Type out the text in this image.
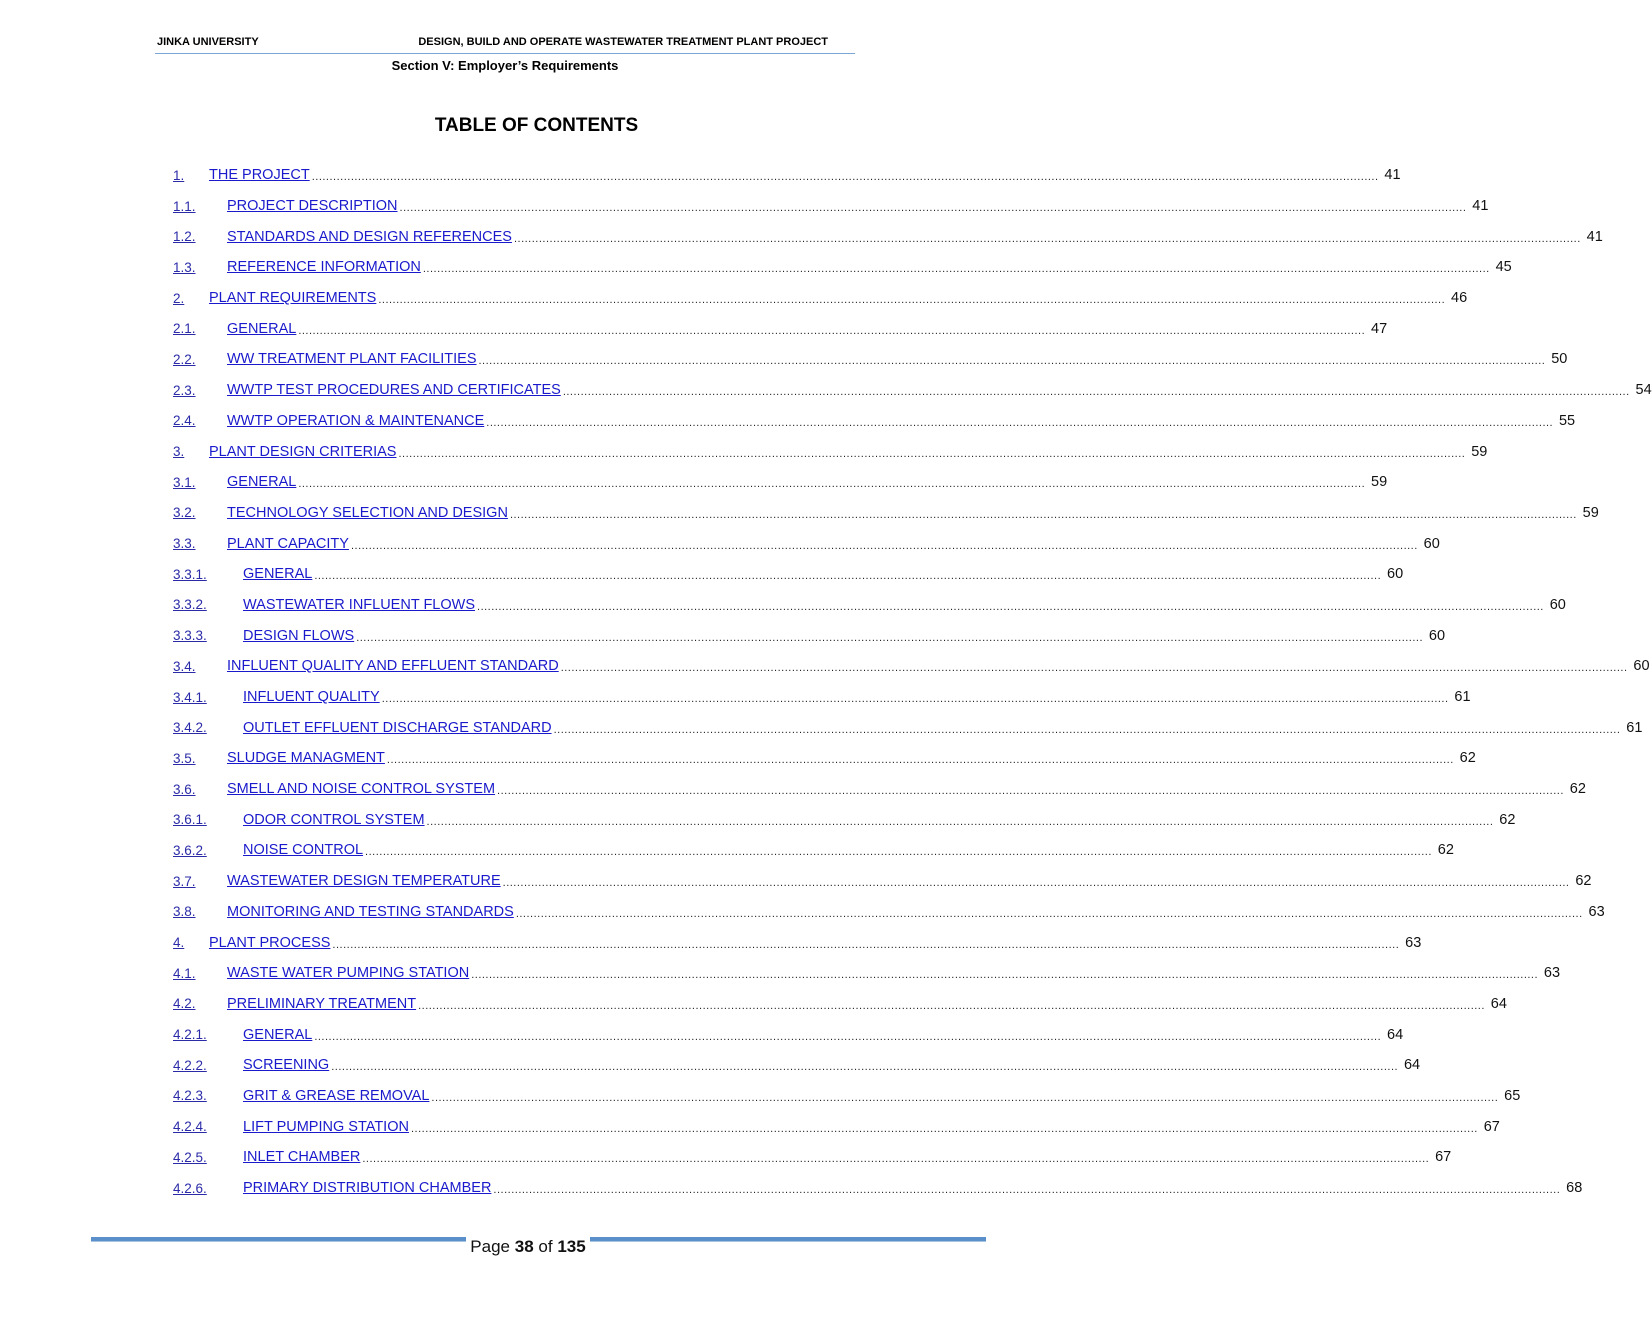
JINKA UNIVERSITY	DESIGN, BUILD AND OPERATE WASTEWATER TREATMENT PLANT PROJECT
Section V: Employer’s Requirements
TABLE OF CONTENTS
1.	THE PROJECT ............................................................................................................................................................................................................................................................................................................ 41
1.1.	PROJECT DESCRIPTION ............................................................................................................................................................................................................................................................................................................ 41
1.2.	STANDARDS AND DESIGN REFERENCES ............................................................................................................................................................................................................................................................................................................ 41
1.3.	REFERENCE INFORMATION ............................................................................................................................................................................................................................................................................................................ 45
2.	PLANT REQUIREMENTS ............................................................................................................................................................................................................................................................................................................ 46
2.1.	GENERAL ............................................................................................................................................................................................................................................................................................................ 47
2.2.	WW TREATMENT PLANT FACILITIES ............................................................................................................................................................................................................................................................................................................ 50
2.3.	WWTP TEST PROCEDURES AND CERTIFICATES ............................................................................................................................................................................................................................................................................................................ 54
2.4.	WWTP OPERATION & MAINTENANCE ............................................................................................................................................................................................................................................................................................................ 55
3.	PLANT DESIGN CRITERIAS ............................................................................................................................................................................................................................................................................................................ 59
3.1.	GENERAL ............................................................................................................................................................................................................................................................................................................ 59
3.2.	TECHNOLOGY SELECTION AND DESIGN ............................................................................................................................................................................................................................................................................................................ 59
3.3.	PLANT CAPACITY ............................................................................................................................................................................................................................................................................................................ 60
3.3.1.	GENERAL ............................................................................................................................................................................................................................................................................................................ 60
3.3.2.	WASTEWATER INFLUENT FLOWS ............................................................................................................................................................................................................................................................................................................ 60
3.3.3.	DESIGN FLOWS ............................................................................................................................................................................................................................................................................................................ 60
3.4.	INFLUENT QUALITY AND EFFLUENT STANDARD ............................................................................................................................................................................................................................................................................................................ 60
3.4.1.	INFLUENT QUALITY ............................................................................................................................................................................................................................................................................................................ 61
3.4.2.	OUTLET EFFLUENT DISCHARGE STANDARD ............................................................................................................................................................................................................................................................................................................ 61
3.5.	SLUDGE MANAGMENT ............................................................................................................................................................................................................................................................................................................ 62
3.6.	SMELL AND NOISE CONTROL SYSTEM ............................................................................................................................................................................................................................................................................................................ 62
3.6.1.	ODOR CONTROL SYSTEM ............................................................................................................................................................................................................................................................................................................ 62
3.6.2.	NOISE CONTROL ............................................................................................................................................................................................................................................................................................................ 62
3.7.	WASTEWATER DESIGN TEMPERATURE ............................................................................................................................................................................................................................................................................................................ 62
3.8.	MONITORING AND TESTING STANDARDS ............................................................................................................................................................................................................................................................................................................ 63
4.	PLANT PROCESS ............................................................................................................................................................................................................................................................................................................ 63
4.1.	WASTE WATER PUMPING STATION ............................................................................................................................................................................................................................................................................................................ 63
4.2.	PRELIMINARY TREATMENT ............................................................................................................................................................................................................................................................................................................ 64
4.2.1.	GENERAL ............................................................................................................................................................................................................................................................................................................ 64
4.2.2.	SCREENING ............................................................................................................................................................................................................................................................................................................ 64
4.2.3.	GRIT & GREASE REMOVAL ............................................................................................................................................................................................................................................................................................................ 65
4.2.4.	LIFT PUMPING STATION ............................................................................................................................................................................................................................................................................................................ 67
4.2.5.	INLET CHAMBER ............................................................................................................................................................................................................................................................................................................ 67
4.2.6.	PRIMARY DISTRIBUTION CHAMBER ............................................................................................................................................................................................................................................................................................................ 68
Page 38 of 135
